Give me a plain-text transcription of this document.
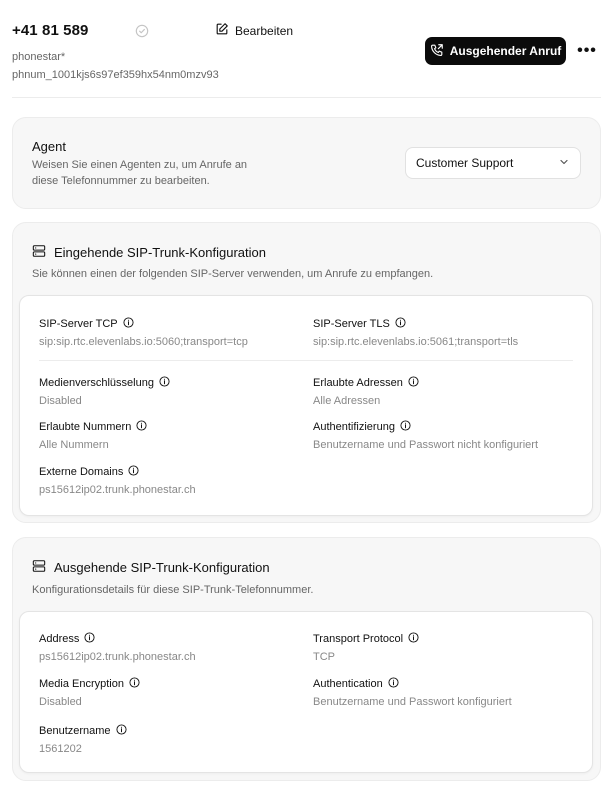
+41 81 589	Bearbeiten
phonestar*
phnum_1001kjs6s97ef359hx54nm0mzv93
Ausgehender Anruf •••
Agent
Weisen Sie einen Agenten zu, um Anrufe an diese Telefonnummer zu bearbeiten.
Customer Support
Eingehende SIP-Trunk-Konfiguration
Sie können einen der folgenden SIP-Server verwenden, um Anrufe zu empfangen.
SIP-Server TCP
sip:sip.rtc.elevenlabs.io:5060;transport=tcp
SIP-Server TLS
sip:sip.rtc.elevenlabs.io:5061;transport=tls
Medienverschlüsselung
Disabled
Erlaubte Adressen
Alle Adressen
Erlaubte Nummern
Alle Nummern
Authentifizierung
Benutzername und Passwort nicht konfiguriert
Externe Domains
ps15612ip02.trunk.phonestar.ch
Ausgehende SIP-Trunk-Konfiguration
Konfigurationsdetails für diese SIP-Trunk-Telefonnummer.
Address
ps15612ip02.trunk.phonestar.ch
Transport Protocol
TCP
Media Encryption
Disabled
Authentication
Benutzername und Passwort konfiguriert
Benutzername
1561202
